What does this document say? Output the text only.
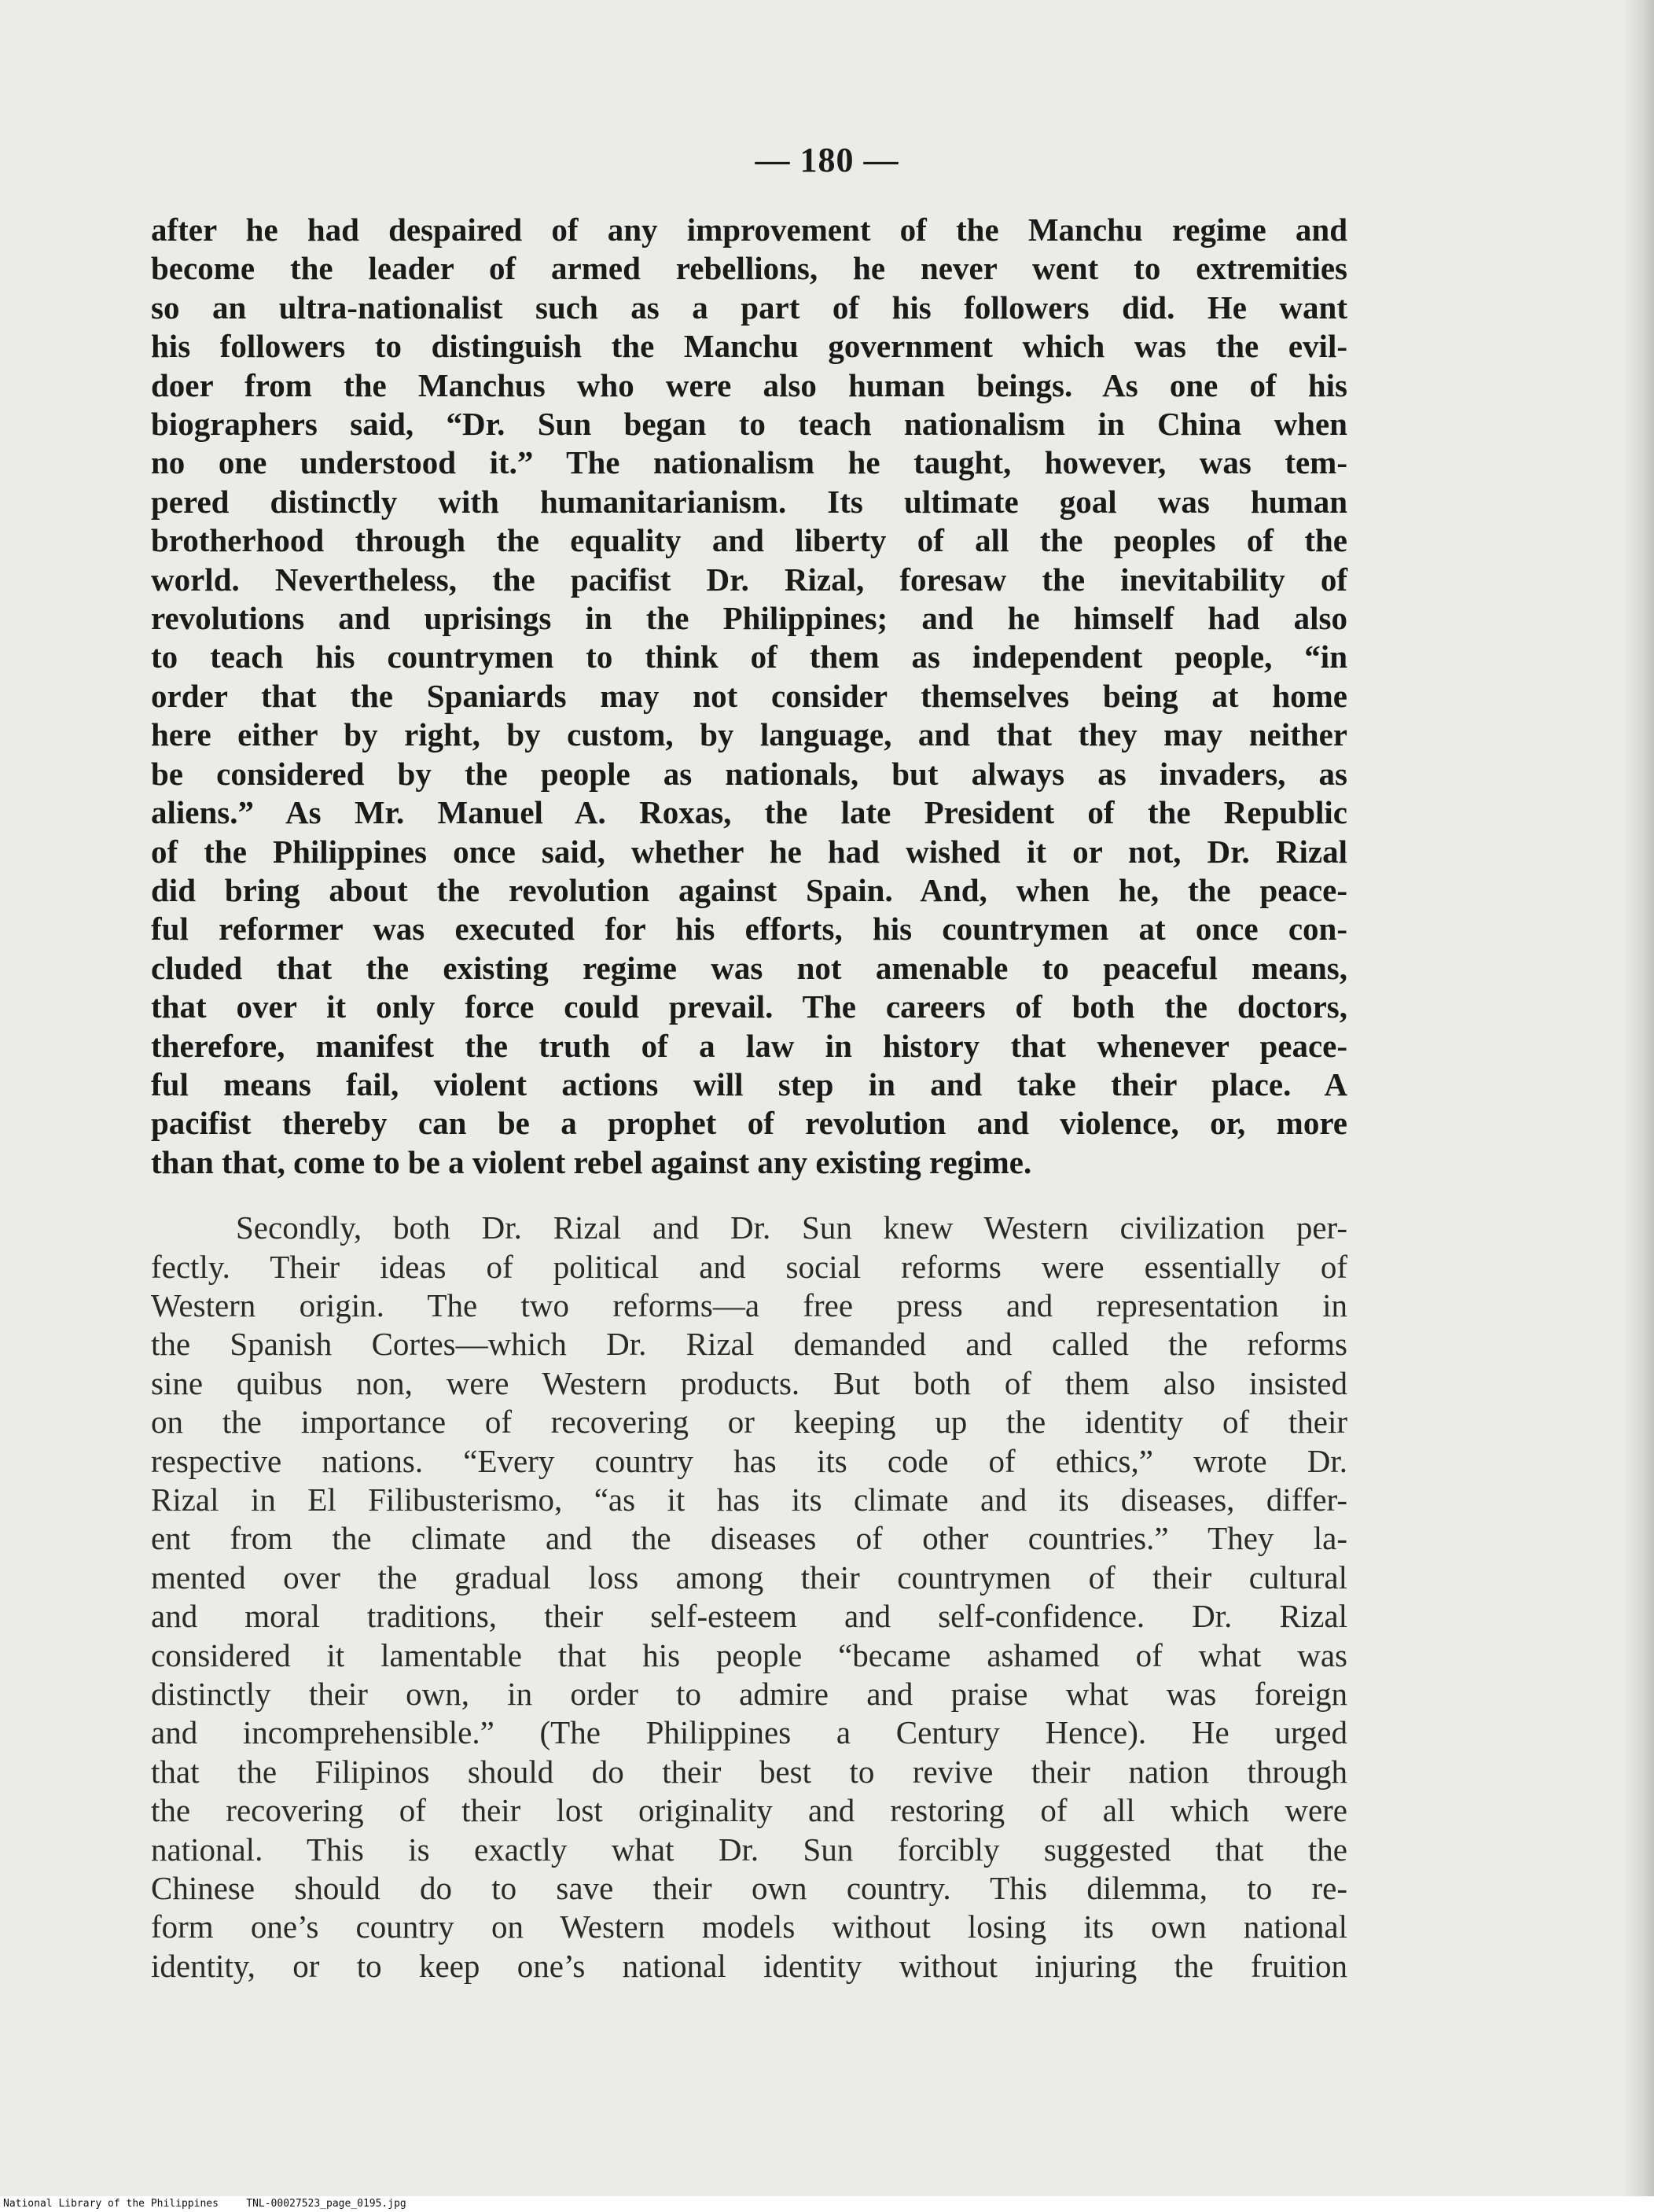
— 180 —

after he had despaired of any improvement of the Manchu regime and
become the leader of armed rebellions, he never went to extremities
so an ultra-nationalist such as a part of his followers did. He want
his followers to distinguish the Manchu government which was the evil-
doer from the Manchus who were also human beings. As one of his
biographers said, “Dr. Sun began to teach nationalism in China when
no one understood it.” The nationalism he taught, however, was tem-
pered distinctly with humanitarianism. Its ultimate goal was human
brotherhood through the equality and liberty of all the peoples of the
world. Nevertheless, the pacifist Dr. Rizal, foresaw the inevitability of
revolutions and uprisings in the Philippines; and he himself had also
to teach his countrymen to think of them as independent people, “in
order that the Spaniards may not consider themselves being at home
here either by right, by custom, by language, and that they may neither
be considered by the people as nationals, but always as invaders, as
aliens.” As Mr. Manuel A. Roxas, the late President of the Republic
of the Philippines once said, whether he had wished it or not, Dr. Rizal
did bring about the revolution against Spain. And, when he, the peace-
ful reformer was executed for his efforts, his countrymen at once con-
cluded that the existing regime was not amenable to peaceful means,
that over it only force could prevail. The careers of both the doctors,
therefore, manifest the truth of a law in history that whenever peace-
ful means fail, violent actions will step in and take their place. A
pacifist thereby can be a prophet of revolution and violence, or, more
than that, come to be a violent rebel against any existing regime.

Secondly, both Dr. Rizal and Dr. Sun knew Western civilization per-
fectly. Their ideas of political and social reforms were essentially of
Western origin. The two reforms—a free press and representation in
the Spanish Cortes—which Dr. Rizal demanded and called the reforms
sine quibus non, were Western products. But both of them also insisted
on the importance of recovering or keeping up the identity of their
respective nations. “Every country has its code of ethics,” wrote Dr.
Rizal in El Filibusterismo, “as it has its climate and its diseases, differ-
ent from the climate and the diseases of other countries.” They la-
mented over the gradual loss among their countrymen of their cultural
and moral traditions, their self-esteem and self-confidence. Dr. Rizal
considered it lamentable that his people “became ashamed of what was
distinctly their own, in order to admire and praise what was foreign
and incomprehensible.” (The Philippines a Century Hence). He urged
that the Filipinos should do their best to revive their nation through
the recovering of their lost originality and restoring of all which were
national. This is exactly what Dr. Sun forcibly suggested that the
Chinese should do to save their own country. This dilemma, to re-
form one’s country on Western models without losing its own national
identity, or to keep one’s national identity without injuring the fruition

National Library of the Philippines	TNL-00027523_page_0195.jpg
